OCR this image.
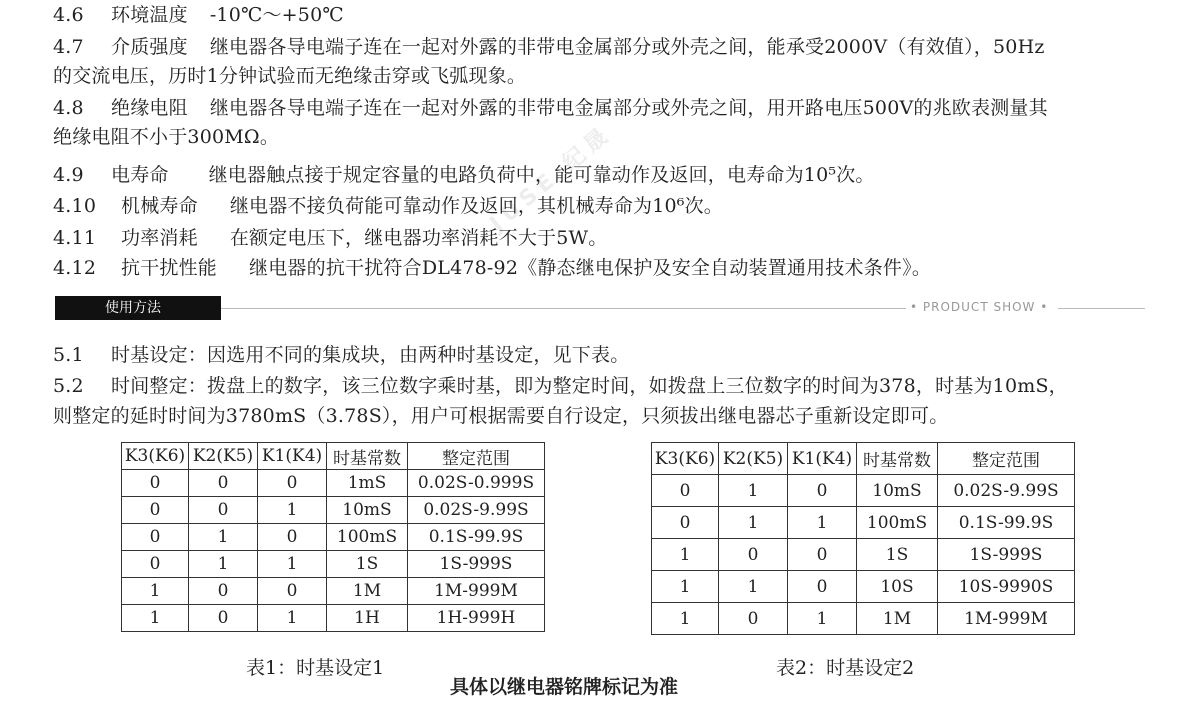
JUSE 纪晟
4.6 环境温度 -10℃～+50℃
4.7 介质强度 继电器各导电端子连在一起对外露的非带电金属部分或外壳之间，能承受2000V（有效值），50Hz
的交流电压，历时1分钟试验而无绝缘击穿或飞弧现象。
4.8 绝缘电阻 继电器各导电端子连在一起对外露的非带电金属部分或外壳之间，用开路电压500V的兆欧表测量其
绝缘电阻不小于300MΩ。
4.9 电寿命 继电器触点接于规定容量的电路负荷中，能可靠动作及返回，电寿命为10⁵次。
4.10 机械寿命 继电器不接负荷能可靠动作及返回，其机械寿命为10⁶次。
4.11 功率消耗 在额定电压下，继电器功率消耗不大于5W。
4.12 抗干扰性能 继电器的抗干扰符合DL478-92《静态继电保护及安全自动装置通用技术条件》。
使用方法	• PRODUCT SHOW •
5.1 时基设定：因选用不同的集成块，由两种时基设定，见下表。
5.2 时间整定：拨盘上的数字，该三位数字乘时基，即为整定时间，如拨盘上三位数字的时间为378，时基为10mS，
则整定的延时时间为3780mS（3.78S），用户可根据需要自行设定，只须拔出继电器芯子重新设定即可。
K3(K6)	K2(K5)	K1(K4)	时基常数	整定范围
0	0	0	1mS	0.02S-0.999S
0	0	1	10mS	0.02S-9.99S
0	1	0	100mS	0.1S-99.9S
0	1	1	1S	1S-999S
1	0	0	1M	1M-999M
1	0	1	1H	1H-999H
表1：时基设定1
K3(K6)	K2(K5)	K1(K4)	时基常数	整定范围
0	1	0	10mS	0.02S-9.99S
0	1	1	100mS	0.1S-99.9S
1	0	0	1S	1S-999S
1	1	0	10S	10S-9990S
1	0	1	1M	1M-999M
表2：时基设定2
具体以继电器铭牌标记为准
